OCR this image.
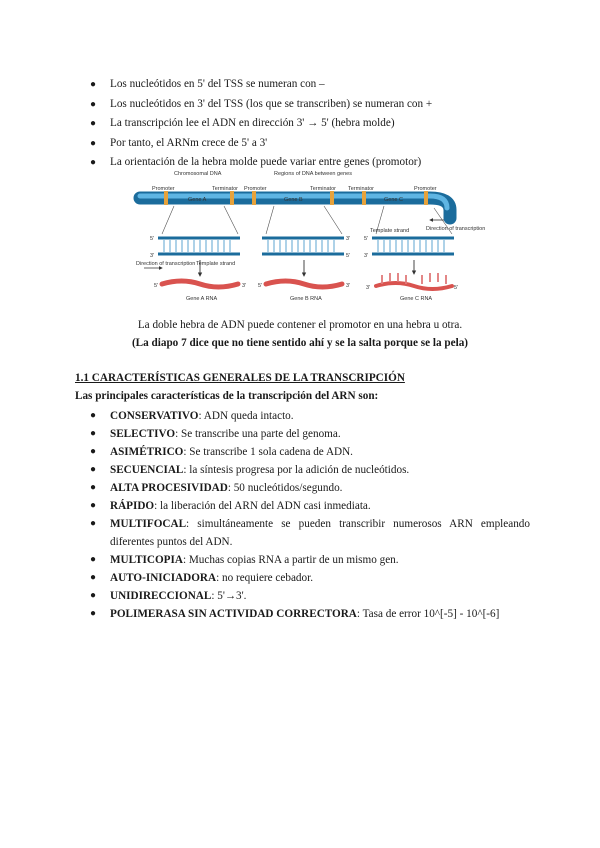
● Los nucleótidos en 5' del TSS se numeran con –
● Los nucleótidos en 3' del TSS (los que se transcriben) se numeran con +
● La transcripción lee el ADN en dirección 3' → 5' (hebra molde)
● Por tanto, el ARNm crece de 5' a 3'
● La orientación de la hebra molde puede variar entre genes (promotor)
Chromosomal DNA	Regions of DNA between genes
Promoter	Terminator Promoter	Terminator Terminator	Promoter
Gene A	Gene B	Gene C
5'
3'
3'
5'
5'
3'
Template strand
Template strand
Direction of transcription
Direction of transcription
5'	3' 5'	3'	3'	5'
Gene A RNA	Gene B RNA	Gene C RNA
La doble hebra de ADN puede contener el promotor en una hebra u otra.
(La diapo 7 dice que no tiene sentido ahí y se la salta porque se la pela)
1.1 CARACTERÍSTICAS GENERALES DE LA TRANSCRIPCIÓN
Las principales características de la transcripción del ARN son:
● CONSERVATIVO: ADN queda intacto.
● SELECTIVO: Se transcribe una parte del genoma.
● ASIMÉTRICO: Se transcribe 1 sola cadena de ADN.
● SECUENCIAL: la síntesis progresa por la adición de nucleótidos.
● ALTA PROCESIVIDAD: 50 nucleótidos/segundo.
● RÁPIDO: la liberación del ARN del ADN casi inmediata.
● MULTIFOCAL: simultáneamente se pueden transcribir numerosos ARN empleando diferentes puntos del ADN.
● MULTICOPIA: Muchas copias RNA a partir de un mismo gen.
● AUTO-INICIADORA: no requiere cebador.
● UNIDIRECCIONAL: 5'→3'.
● POLIMERASA SIN ACTIVIDAD CORRECTORA: Tasa de error 10^[-5] - 10^[-6]
